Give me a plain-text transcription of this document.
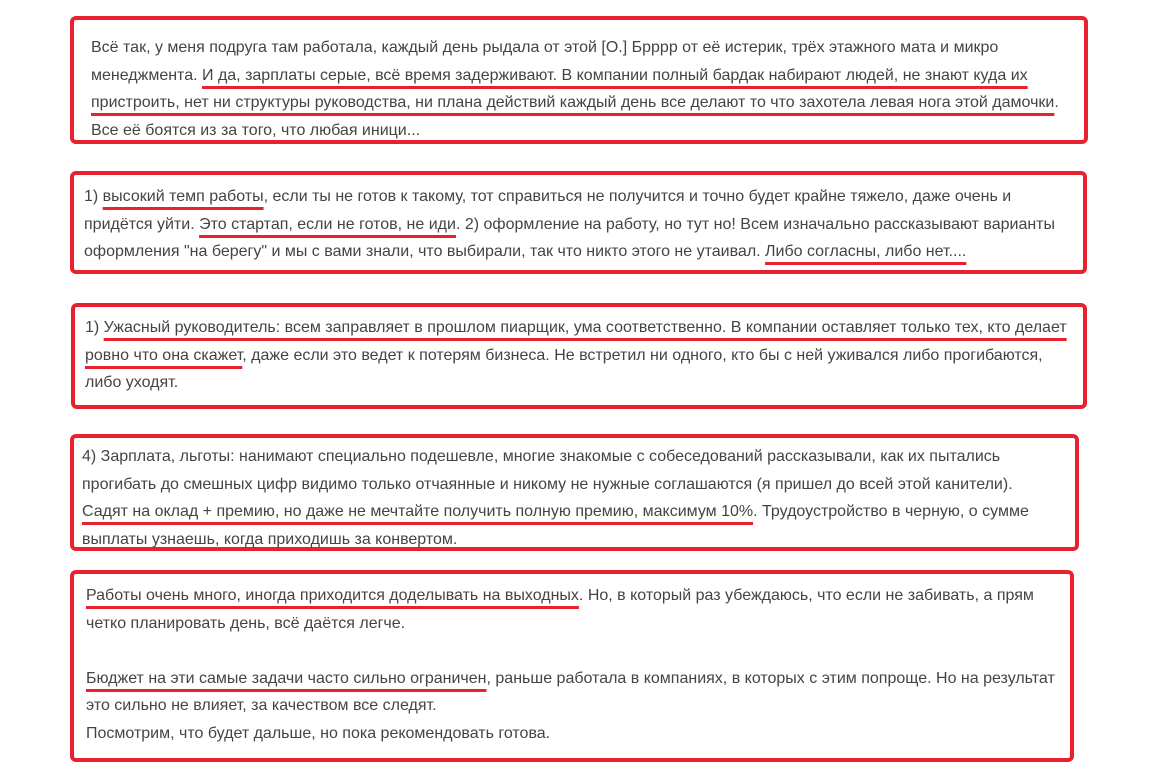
Всё так, у меня подруга там работала, каждый день рыдала от этой [О.] Брррр от её истерик, трёх этажного мата и микро менеджмента. И да, зарплаты серые, всё время задерживают. В компании полный бардак набирают людей, не знают куда их пристроить, нет ни структуры руководства, ни плана действий каждый день все делают то что захотела левая нога этой дамочки. Все её боятся из за того, что любая иници...

1) высокий темп работы, если ты не готов к такому, тот справиться не получится и точно будет крайне тяжело, даже очень и придётся уйти. Это стартап, если не готов, не иди. 2) оформление на работу, но тут но! Всем изначально рассказывают варианты оформления "на берегу" и мы с вами знали, что выбирали, так что никто этого не утаивал. Либо согласны, либо нет....

1) Ужасный руководитель: всем заправляет в прошлом пиарщик, ума соответственно. В компании оставляет только тех, кто делает ровно что она скажет, даже если это ведет к потерям бизнеса. Не встретил ни одного, кто бы с ней уживался либо прогибаются, либо уходят.

4) Зарплата, льготы: нанимают специально подешевле, многие знакомые с собеседований рассказывали, как их пытались прогибать до смешных цифр видимо только отчаянные и никому не нужные соглашаются (я пришел до всей этой канители). Садят на оклад + премию, но даже не мечтайте получить полную премию, максимум 10%. Трудоустройство в черную, о сумме выплаты узнаешь, когда приходишь за конвертом.

Работы очень много, иногда приходится доделывать на выходных. Но, в который раз убеждаюсь, что если не забивать, а прям четко планировать день, всё даётся легче.

Бюджет на эти самые задачи часто сильно ограничен, раньше работала в компаниях, в которых с этим попроще. Но на результат это сильно не влияет, за качеством все следят.

Посмотрим, что будет дальше, но пока рекомендовать готова.
